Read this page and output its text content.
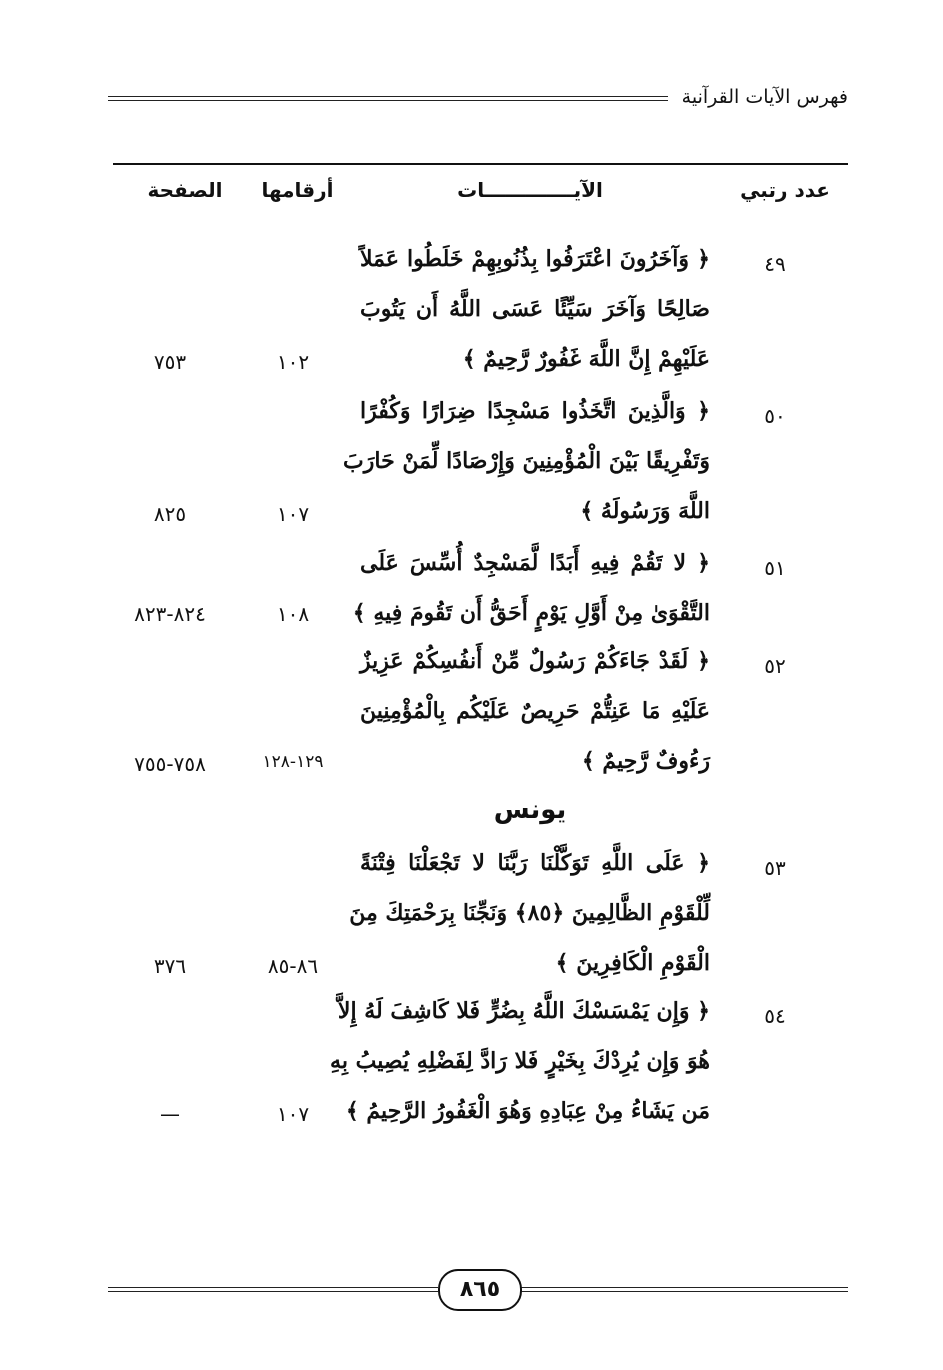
فهرس الآيات القرآنية
عدد رتبي
الآيـــــــــــــات
أرقامها
الصفحة
٤٩
﴿ وَآخَرُونَ اعْتَرَفُوا بِذُنُوبِهِمْ خَلَطُوا عَمَلاً
صَالِحًا وَآخَرَ سَيِّئًا عَسَى اللَّهُ أَن يَتُوبَ
عَلَيْهِمْ إِنَّ اللَّهَ غَفُورٌ رَّحِيمٌ ﴾
١٠٢
٧٥٣
٥٠
﴿ وَالَّذِينَ اتَّخَذُوا مَسْجِدًا ضِرَارًا وَكُفْرًا
وَتَفْرِيقًا بَيْنَ الْمُؤْمِنِينَ وَإِرْصَادًا لِّمَنْ حَارَبَ
اللَّهَ وَرَسُولَهُ ﴾
١٠٧
٨٢٥
٥١
﴿ لا تَقُمْ فِيهِ أَبَدًا لَّمَسْجِدٌ أُسِّسَ عَلَى
التَّقْوَىٰ مِنْ أَوَّلِ يَوْمٍ أَحَقُّ أَن تَقُومَ فِيهِ ﴾
١٠٨
٨٢٤-٨٢٣
٥٢
﴿ لَقَدْ جَاءَكُمْ رَسُولٌ مِّنْ أَنفُسِكُمْ عَزِيزٌ
عَلَيْهِ مَا عَنِتُّمْ حَرِيصٌ عَلَيْكُم بِالْمُؤْمِنِينَ
رَءُوفٌ رَّحِيمٌ ﴾
١٢٩-١٢٨
٧٥٨-٧٥٥
يونس
٥٣
﴿ عَلَى اللَّهِ تَوَكَّلْنَا رَبَّنَا لا تَجْعَلْنَا فِتْنَةً
لِّلْقَوْمِ الظَّالِمِينَ ﴿٨٥﴾ وَنَجِّنَا بِرَحْمَتِكَ مِنَ
الْقَوْمِ الْكَافِرِينَ ﴾
٨٦-٨٥
٣٧٦
٥٤
﴿ وَإِن يَمْسَسْكَ اللَّهُ بِضُرٍّ فَلا كَاشِفَ لَهُ إِلاَّ
هُوَ وَإِن يُرِدْكَ بِخَيْرٍ فَلا رَادَّ لِفَضْلِهِ يُصِيبُ بِهِ
مَن يَشَاءُ مِنْ عِبَادِهِ وَهُوَ الْغَفُورُ الرَّحِيمُ ﴾
١٠٧
—
٨٦٥
